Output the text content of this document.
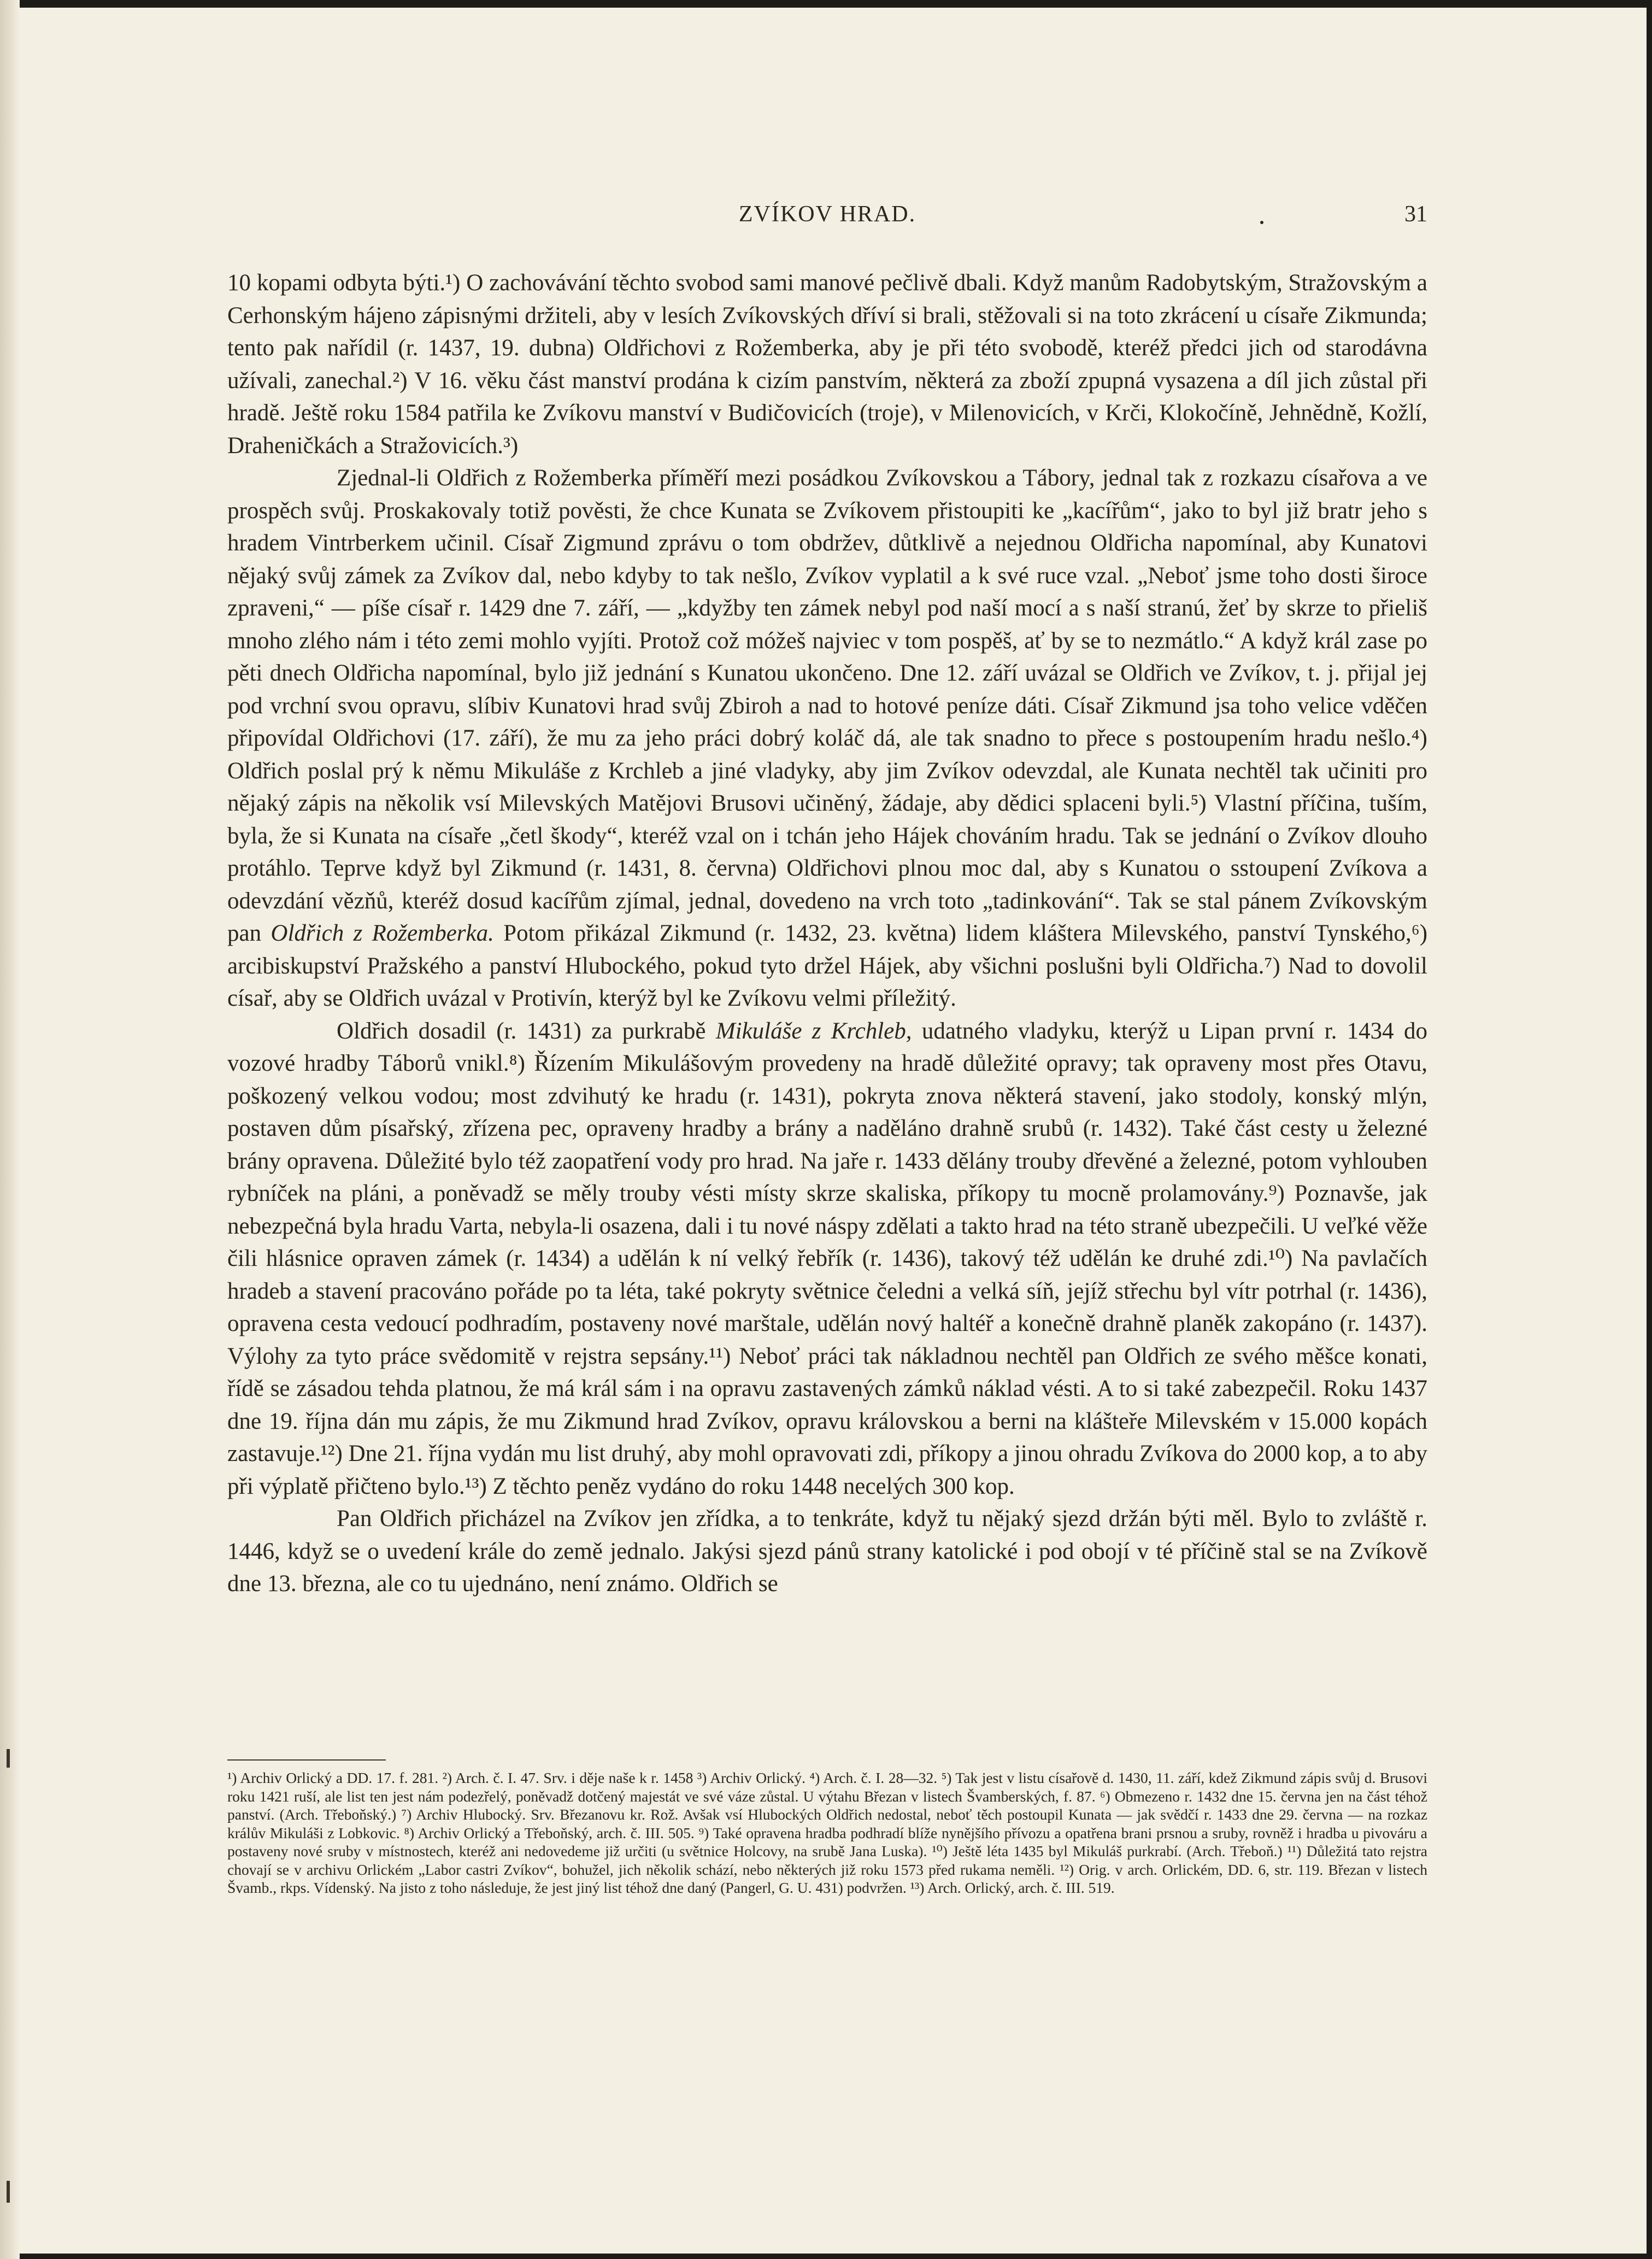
ZVÍKOV HRAD.	31

10 kopami odbyta býti.¹) O zachovávání těchto svobod sami manové pečlivě dbali. Když manům Radobytským, Stražovským a Cerhonským hájeno zápisnými držiteli, aby v lesích Zvíkovských dříví si brali, stěžovali si na toto zkrácení u císaře Zikmunda; tento pak nařídil (r. 1437, 19. dubna) Oldřichovi z Rožemberka, aby je při této svobodě, kteréž předci jich od starodávna užívali, zanechal.²) V 16. věku část manství prodána k cizím panstvím, některá za zboží zpupná vysazena a díl jich zůstal při hradě. Ještě roku 1584 patřila ke Zvíkovu manství v Budičovicích (troje), v Milenovicích, v Krči, Klokočíně, Jehnědně, Kožlí, Draheničkách a Stražovicích.³)

Zjednal-li Oldřich z Rožemberka příměří mezi posádkou Zvíkovskou a Tábory, jednal tak z rozkazu císařova a ve prospěch svůj. Proskakovaly totiž pověsti, že chce Kunata se Zvíkovem přistoupiti ke „kacířům“, jako to byl již bratr jeho s hradem Vintrberkem učinil. Císař Zigmund zprávu o tom obdržev, důtklivě a nejednou Oldřicha napomínal, aby Kunatovi nějaký svůj zámek za Zvíkov dal, nebo kdyby to tak nešlo, Zvíkov vyplatil a k své ruce vzal. „Neboť jsme toho dosti široce zpraveni,“ — píše císař r. 1429 dne 7. září, — „kdyžby ten zámek nebyl pod naší mocí a s naší stranú, žeť by skrze to přieliš mnoho zlého nám i této zemi mohlo vyjíti. Protož což móžeš najviec v tom pospěš, ať by se to nezmátlo.“ A když král zase po pěti dnech Oldřicha napomínal, bylo již jednání s Kunatou ukončeno. Dne 12. září uvázal se Oldřich ve Zvíkov, t. j. přijal jej pod vrchní svou opravu, slíbiv Kunatovi hrad svůj Zbiroh a nad to hotové peníze dáti. Císař Zikmund jsa toho velice vděčen připovídal Oldřichovi (17. září), že mu za jeho práci dobrý koláč dá, ale tak snadno to přece s postoupením hradu nešlo.⁴) Oldřich poslal prý k němu Mikuláše z Krchleb a jiné vladyky, aby jim Zvíkov odevzdal, ale Kunata nechtěl tak učiniti pro nějaký zápis na několik vsí Milevských Matějovi Brusovi učiněný, žádaje, aby dědici splaceni byli.⁵) Vlastní příčina, tuším, byla, že si Kunata na císaře „četl škody“, kteréž vzal on i tchán jeho Hájek chováním hradu. Tak se jednání o Zvíkov dlouho protáhlo. Teprve když byl Zikmund (r. 1431, 8. června) Oldřichovi plnou moc dal, aby s Kunatou o sstoupení Zvíkova a odevzdání vězňů, kteréž dosud kacířům zjímal, jednal, dovedeno na vrch toto „tadinkování“. Tak se stal pánem Zvíkovským pan Oldřich z Rožemberka. Potom přikázal Zikmund (r. 1432, 23. května) lidem kláštera Milevského, panství Tynského,⁶) arcibiskupství Pražského a panství Hlubockého, pokud tyto držel Hájek, aby všichni poslušni byli Oldřicha.⁷) Nad to dovolil císař, aby se Oldřich uvázal v Protivín, kterýž byl ke Zvíkovu velmi příležitý.

Oldřich dosadil (r. 1431) za purkrabě Mikuláše z Krchleb, udatného vladyku, kterýž u Lipan první r. 1434 do vozové hradby Táborů vnikl.⁸) Řízením Mikulášovým provedeny na hradě důležité opravy; tak opraveny most přes Otavu, poškozený velkou vodou; most zdvihutý ke hradu (r. 1431), pokryta znova některá stavení, jako stodoly, konský mlýn, postaven dům písařský, zřízena pec, opraveny hradby a brány a naděláno drahně srubů (r. 1432). Také část cesty u železné brány opravena. Důležité bylo též zaopatření vody pro hrad. Na jaře r. 1433 dělány trouby dřevěné a železné, potom vyhlouben rybníček na pláni, a poněvadž se měly trouby vésti místy skrze skaliska, příkopy tu mocně prolamovány.⁹) Poznavše, jak nebezpečná byla hradu Varta, nebyla-li osazena, dali i tu nové náspy zdělati a takto hrad na této straně ubezpečili. U veľké věže čili hlásnice opraven zámek (r. 1434) a udělán k ní velký řebřík (r. 1436), takový též udělán ke druhé zdi.¹⁰) Na pavlačích hradeb a stavení pracováno pořáde po ta léta, také pokryty světnice čeledni a velká síň, jejíž střechu byl vítr potrhal (r. 1436), opravena cesta vedoucí podhradím, postaveny nové marštale, udělán nový haltéř a konečně drahně planěk zakopáno (r. 1437). Výlohy za tyto práce svědomitě v rejstra sepsány.¹¹) Neboť práci tak nákladnou nechtěl pan Oldřich ze svého měšce konati, řídě se zásadou tehda platnou, že má král sám i na opravu zastavených zámků náklad vésti. A to si také zabezpečil. Roku 1437 dne 19. října dán mu zápis, že mu Zikmund hrad Zvíkov, opravu královskou a berni na klášteře Milevském v 15.000 kopách zastavuje.¹²) Dne 21. října vydán mu list druhý, aby mohl opravovati zdi, příkopy a jinou ohradu Zvíkova do 2000 kop, a to aby při výplatě přičteno bylo.¹³) Z těchto peněz vydáno do roku 1448 necelých 300 kop.

Pan Oldřich přicházel na Zvíkov jen zřídka, a to tenkráte, když tu nějaký sjezd držán býti měl. Bylo to zvláště r. 1446, když se o uvedení krále do země jednalo. Jakýsi sjezd pánů strany katolické i pod obojí v té příčině stal se na Zvíkově dne 13. března, ale co tu ujednáno, není známo. Oldřich se

¹) Archiv Orlický a DD. 17. f. 281. ²) Arch. č. I. 47. Srv. i děje naše k r. 1458 ³) Archiv Orlický. ⁴) Arch. č. I. 28—32. ⁵) Tak jest v listu císařově d. 1430, 11. září, kdež Zikmund zápis svůj d. Brusovi roku 1421 ruší, ale list ten jest nám podezřelý, poněvadž dotčený majestát ve své váze zůstal. U výtahu Březan v listech Švamberských, f. 87. ⁶) Obmezeno r. 1432 dne 15. června jen na část téhož panství. (Arch. Třeboňský.) ⁷) Archiv Hlubocký. Srv. Březanovu kr. Rož. Avšak vsí Hlubockých Oldřich nedostal, neboť těch postoupil Kunata — jak svědčí r. 1433 dne 29. června — na rozkaz králův Mikuláši z Lobkovic. ⁸) Archiv Orlický a Třeboňský, arch. č. III. 505. ⁹) Také opravena hradba podhradí blíže nynějšího přívozu a opatřena brani prsnou a sruby, rovněž i hradba u pivováru a postaveny nové sruby v místnostech, kteréž ani nedovedeme již určiti (u světnice Holcovy, na srubě Jana Luska). ¹⁰) Ještě léta 1435 byl Mikuláš purkrabí. (Arch. Třeboň.) ¹¹) Důležitá tato rejstra chovají se v archivu Orlickém „Labor castri Zvíkov“, bohužel, jich několik schází, nebo některých již roku 1573 před rukama neměli. ¹²) Orig. v arch. Orlickém, DD. 6, str. 119. Březan v listech Švamb., rkps. Vídenský. Na jisto z toho následuje, že jest jiný list téhož dne daný (Pangerl, G. U. 431) podvržen. ¹³) Arch. Orlický, arch. č. III. 519.
